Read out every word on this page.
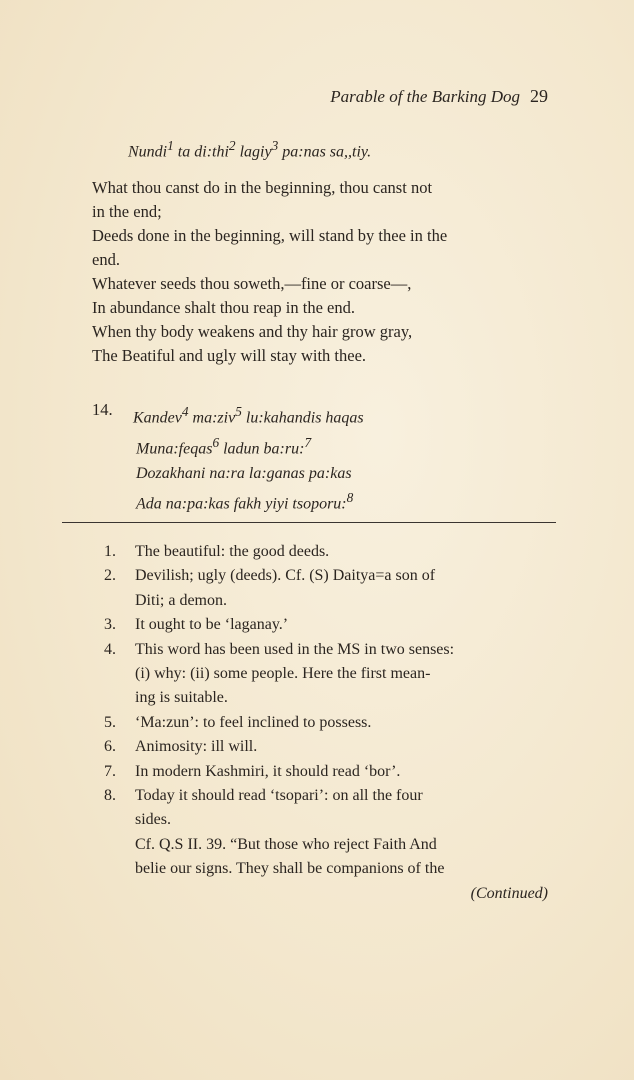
Parable of the Barking Dog 29
Nundi$^1$ ta di:thi$^2$ lagiy$^3$ pa:nas sa,,tiy.
What thou canst do in the beginning, thou canst not
in the end;
Deeds done in the beginning, will stand by thee in the
end.
Whatever seeds thou soweth,—fine or coarse—,
In abundance shalt thou reap in the end.
When thy body weakens and thy hair grow gray,
The Beatiful and ugly will stay with thee.
14. Kandev$^4$ ma:ziv$^5$ lu:kahandis haqas
Muna:feqas$^6$ ladun ba:ru:$^7$
Dozakhani na:ra la:ganas pa:kas
Ada na:pa:kas fakh yiyi tsoporu:$^8$
1. The beautiful: the good deeds.
2. Devilish; ugly (deeds). Cf. (S) Daitya=a son of
Diti; a demon.
3. It ought to be ‘laganay.’
4. This word has been used in the MS in two senses:
(i) why: (ii) some people. Here the first mean-
ing is suitable.
5. ‘Ma:zun’: to feel inclined to possess.
6. Animosity: ill will.
7. In modern Kashmiri, it should read ‘bor’.
8. Today it should read ‘tsopari’: on all the four
sides.
Cf. Q.S II. 39. “But those who reject Faith And
belie our signs. They shall be companions of the
(Continued)
